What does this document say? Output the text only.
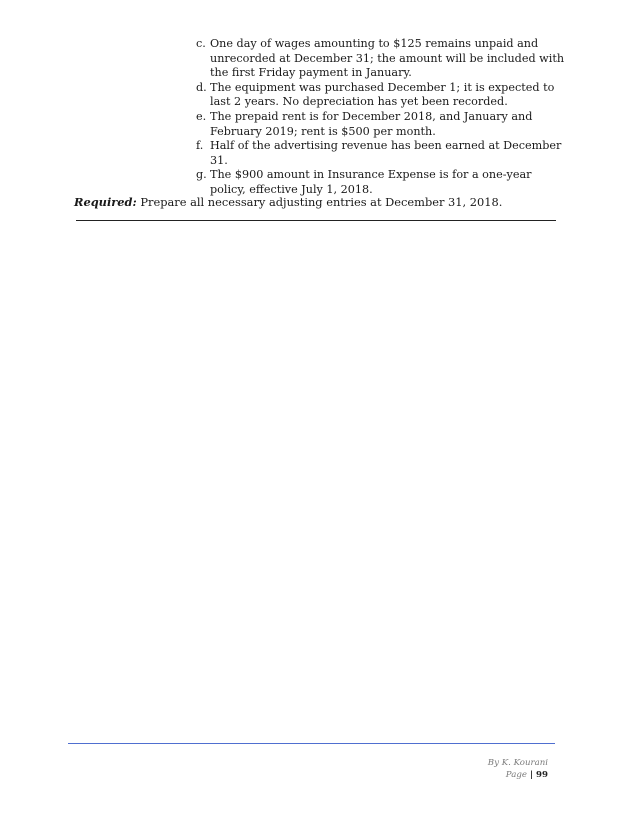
c. One day of wages amounting to $125 remains unpaid and unrecorded at December 31; the amount will be included with the first Friday payment in January.
d. The equipment was purchased December 1; it is expected to last 2 years. No depreciation has yet been recorded.
e. The prepaid rent is for December 2018, and January and February 2019; rent is $500 per month.
f. Half of the advertising revenue has been earned at December 31.
g. The $900 amount in Insurance Expense is for a one-year policy, effective July 1, 2018.
Required: Prepare all necessary adjusting entries at December 31, 2018.
By K. Kourani
Page | 99
